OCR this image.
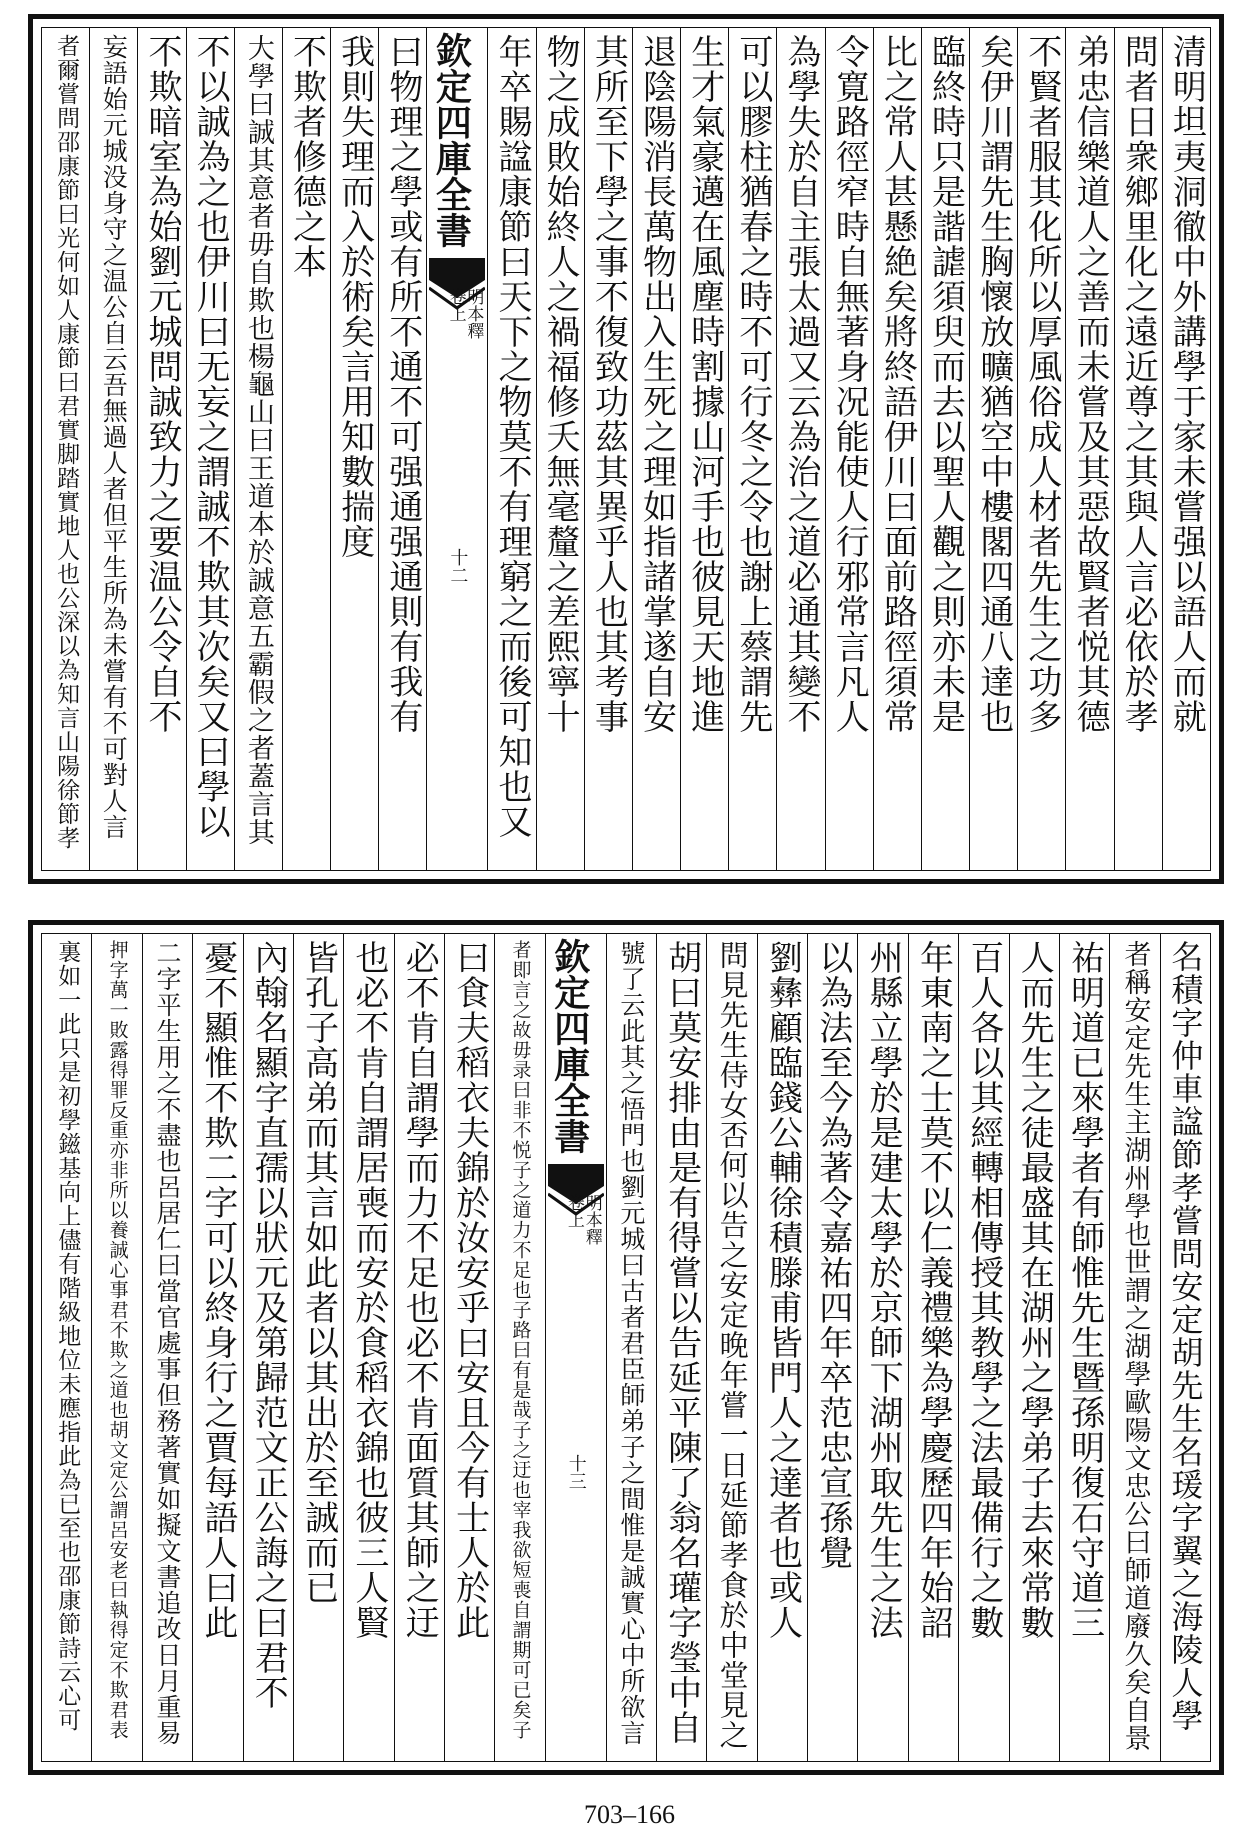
清明坦夷洞徹中外講學于家未嘗强以語人而就
問者日衆鄉里化之遠近尊之其與人言必依於孝
弟忠信樂道人之善而未嘗及其惡故賢者悦其德
不賢者服其化所以厚風俗成人材者先生之功多
矣伊川謂先生胸懷放曠猶空中樓閣四通八達也
臨終時只是諧謔須臾而去以聖人觀之則亦未是
比之常人甚懸絶矣將終語伊川曰面前路徑須常
令寛路徑窄時自無著身况能使人行邪常言凡人
為學失於自主張太過又云為治之道必通其變不
可以膠柱猶春之時不可行冬之令也謝上蔡謂先
生才氣豪邁在風塵時割據山河手也彼見天地進
退陰陽消長萬物出入生死之理如指諸掌遂自安
其所至下學之事不復致功茲其異乎人也其考事
物之成敗始終人之禍福修夭無毫釐之差熙寧十
年卒賜諡康節曰天下之物莫不有理窮之而後可知也又
欽定四庫全書
明本釋
卷上
十二
曰物理之學或有所不通不可强通强通則有我有
我則失理而入於術矣言用知數揣度
不欺者修德之本
大學曰誠其意者毋自欺也楊龜山曰王道本於誠意五霸假之者蓋言其
不以誠為之也伊川曰无妄之謂誠不欺其次矣又曰學以
不欺暗室為始劉元城問誠致力之要温公令自不
妄語始元城没身守之温公自云吾無過人者但平生所為未嘗有不可對人言
者爾嘗問邵康節曰光何如人康節曰君實脚踏實地人也公深以為知言山陽徐節孝
名積字仲車諡節孝嘗問安定胡先生名瑗字翼之海陵人學
者稱安定先生主湖州學也世謂之湖學歐陽文忠公曰師道廢久矣自景
祐明道已來學者有師惟先生暨孫明復石守道三
人而先生之徒最盛其在湖州之學弟子去來常數
百人各以其經轉相傳授其教學之法最備行之數
年東南之士莫不以仁義禮樂為學慶歷四年始詔
州縣立學於是建太學於京師下湖州取先生之法
以為法至今為著令嘉祐四年卒范忠宣孫覺
劉彝顧臨錢公輔徐積滕甫皆門人之達者也或人
問見先生侍女否何以告之安定晚年嘗一日延節孝食於中堂見之
胡曰莫安排由是有得嘗以告延平陳了翁名瓘字瑩中自
號了云此其之悟門也劉元城曰古者君臣師弟子之間惟是誠實心中所欲言
欽定四庫全書
明本釋
卷上
十三
者即言之故毋录曰非不悦子之道力不足也子路曰有是哉子之迂也宰我欲短喪自謂期可已矣子
曰食夫稻衣夫錦於汝安乎曰安且今有士人於此
必不肯自謂學而力不足也必不肯面質其師之迂
也必不肯自謂居喪而安於食稻衣錦也彼三人賢
皆孔子高弟而其言如此者以其出於至誠而已
內翰名顯字直孺以狀元及第歸范文正公誨之曰君不
憂不顯惟不欺二字可以終身行之賈每語人曰此
二字平生用之不盡也呂居仁曰當官處事但務著實如擬文書追改日月重易
押字萬一敗露得罪反重亦非所以養誠心事君不欺之道也胡文定公謂呂安老曰執得定不欺君表
裏如一此只是初學鎡基向上儘有階級地位未應指此為已至也邵康節詩云心可
703–166
